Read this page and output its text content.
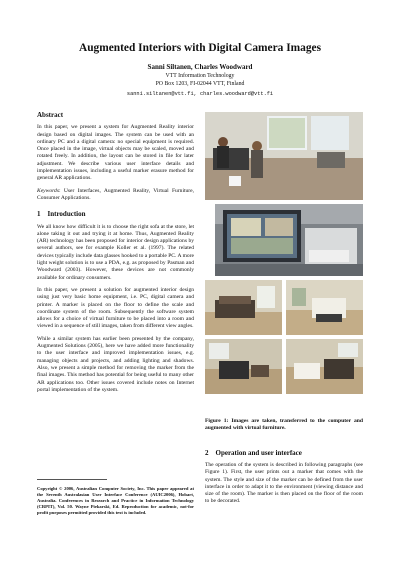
Augmented Interiors with Digital Camera Images
Sanni Siltanen, Charles Woodward
VTT Information Technology
PO Box 1203, FI-02044 VTT, Finland
sanni.siltanen@vtt.fi, charles.woodward@vtt.fi
Abstract

In this paper, we present a system for Augmented Reality interior design based on digital images. The system can be used with an ordinary PC and a digital camera: no special equipment is required. Once placed in the image, virtual objects may be scaled, moved and rotated freely. In addition, the layout can be stored in file for later adjustment. We describe various user interface details and implementation issues, including a useful marker erasure method for general AR applications.

Keywords: User Interfaces, Augmented Reality, Virtual Furniture, Consumer Applications.
1 Introduction

We all know how difficult it is to choose the right sofa at the store, let alone taking it out and trying it at home. Thus, Augmented Reality (AR) technology has been proposed for interior design applications by several authors, see for example Koller et al. (1997). The related devices typically include data glasses hooked to a portable PC. A more light weight solution is to use a PDA, e.g. as proposed by Pasman and Woodward (2003). However, these devices are not commonly available for ordinary consumers.

In this paper, we present a solution for augmented interior design using just very basic home equipment, i.e. PC, digital camera and printer. A marker is placed on the floor to define the scale and coordinate system of the room. Subsequently the software system allows for a choice of virtual furniture to be placed into a room and viewed in a sequence of still images, taken from different view angles.

While a similar system has earlier been presented by the company, Augmented Solutions (2005), here we have added more functionality to the user interface and improved implementation issues, e.g. managing objects and projects, and adding lighting and shadows. Also, we present a simple method for removing the marker from the final images. This method has potential for being useful to many other AR applications too. Other issues covered include notes on Internet portal implementation of the system.

Copyright © 2006, Australian Computer Society, Inc. This paper appeared at the Seventh Australasian User Interface Conference (AUIC2006), Hobart, Australia. Conferences in Research and Practice in Information Technology (CRPIT), Vol. 50. Wayne Piekarski, Ed. Reproduction for academic, not-for profit purposes permitted provided this text is included.
Figure 1: Images are taken, transferred to the computer and augmented with virtual furniture.
2 Operation and user interface
The operation of the system is described in following paragraphs (see Figure 1). First, the user prints out a marker that comes with the system. The style and size of the marker can be defined from the user interface in order to adapt it to the environment (viewing distance and size of the room). The marker is then placed on the floor of the room to be decorated.
